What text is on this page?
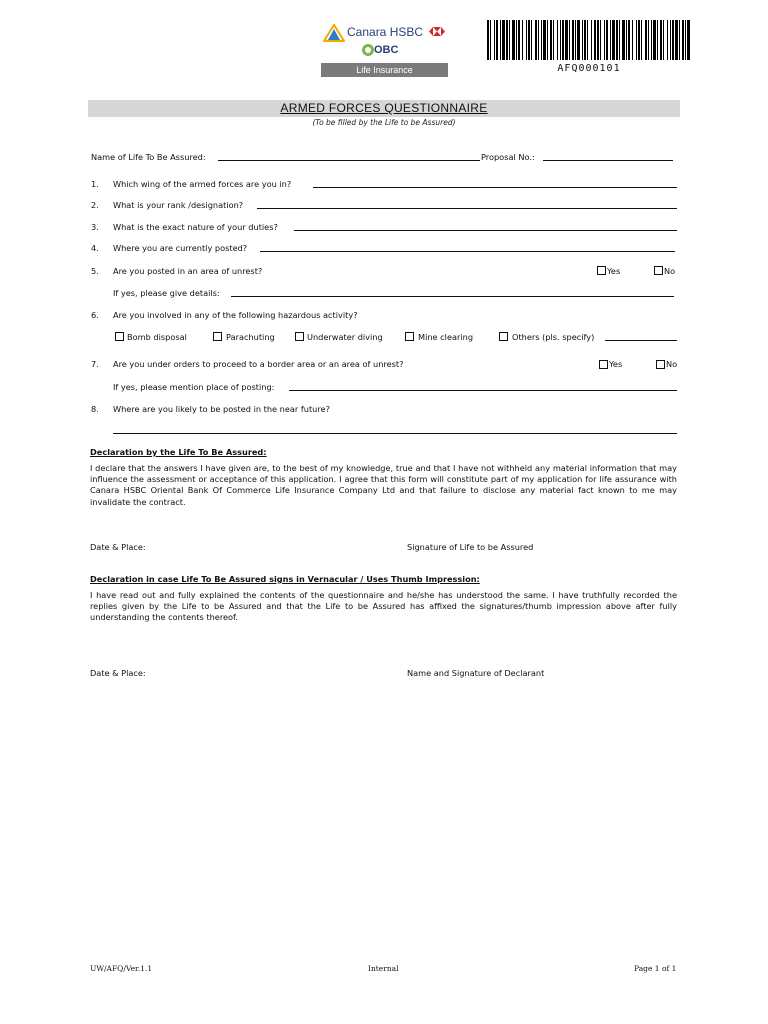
Canara HSBC
OBC
Life Insurance	AFQ000101
ARMED FORCES QUESTIONNAIRE
(To be filled by the Life to be Assured)
Name of Life To Be Assured:	Proposal No.:
1. Which wing of the armed forces are you in?
2. What is your rank /designation?
3. What is the exact nature of your duties?
4. Where you are currently posted?
5. Are you posted in an area of unrest?	Yes	No
If yes, please give details:
6. Are you involved in any of the following hazardous activity?
Bomb disposal	Parachuting	Underwater diving	Mine clearing	Others (pls. specify)
7. Are you under orders to proceed to a border area or an area of unrest?	Yes	No
If yes, please mention place of posting:
8. Where are you likely to be posted in the near future?
Declaration by the Life To Be Assured:
I declare that the answers I have given are, to the best of my knowledge, true and that I have not withheld any material information that may influence the assessment or acceptance of this application. I agree that this form will constitute part of my application for life assurance with Canara HSBC Oriental Bank Of Commerce Life Insurance Company Ltd and that failure to disclose any material fact known to me may invalidate the contract.
Date & Place:	Signature of Life to be Assured
Declaration in case Life To Be Assured signs in Vernacular / Uses Thumb Impression:
I have read out and fully explained the contents of the questionnaire and he/she has understood the same. I have truthfully recorded the replies given by the Life to be Assured and that the Life to be Assured has affixed the signatures/thumb impression above after fully understanding the contents thereof.
Date & Place:	Name and Signature of Declarant
UW/AFQ/Ver.1.1	Internal	Page 1 of 1
